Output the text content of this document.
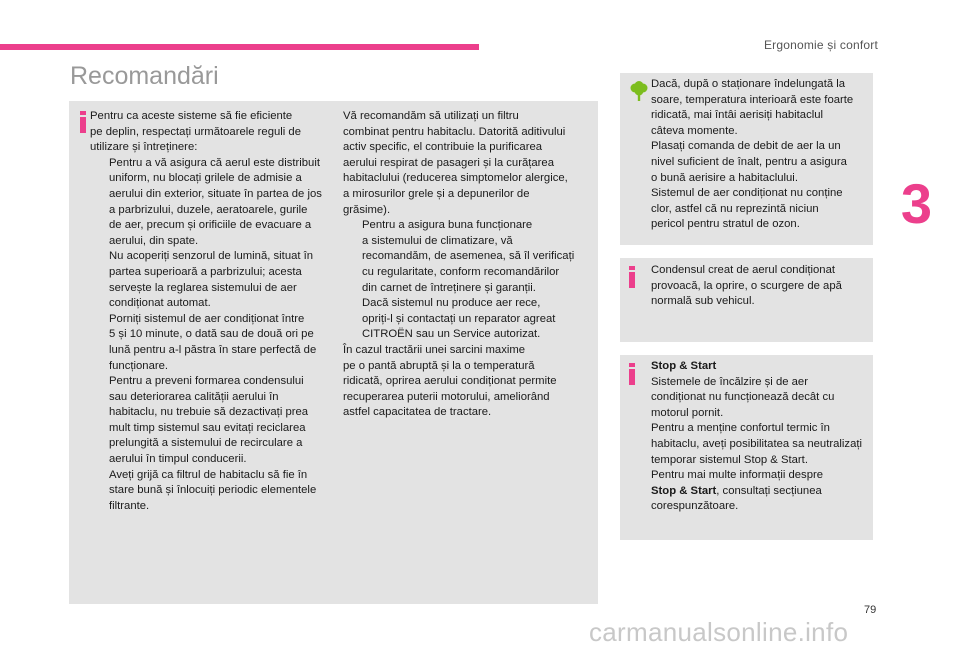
Ergonomie și confort
3
Recomandări

Pentru ca aceste sisteme să fie eficiente
pe deplin, respectați următoarele reguli de
utilizare și întreținere:

Pentru a vă asigura că aerul este distribuit
uniform, nu blocați grilele de admisie a
aerului din exterior, situate în partea de jos
a parbrizului, duzele, aeratoarele, gurile
de aer, precum și orificiile de evacuare a
aerului, din spate.
Nu acoperiți senzorul de lumină, situat în
partea superioară a parbrizului; acesta
servește la reglarea sistemului de aer
condiționat automat.
Porniți sistemul de aer condiționat între
5 și 10 minute, o dată sau de două ori pe
lună pentru a-l păstra în stare perfectă de
funcționare.
Pentru a preveni formarea condensului
sau deteriorarea calității aerului în
habitaclu, nu trebuie să dezactivați prea
mult timp sistemul sau evitați reciclarea
prelungită a sistemului de recirculare a
aerului în timpul conducerii.
Aveți grijă ca filtrul de habitaclu să fie în
stare bună și înlocuiți periodic elementele
filtrante.

Vă recomandăm să utilizați un filtru
combinat pentru habitaclu. Datorită aditivului
activ specific, el contribuie la purificarea
aerului respirat de pasageri și la curățarea
habitaclului (reducerea simptomelor alergice,
a mirosurilor grele și a depunerilor de
grăsime).

Pentru a asigura buna funcționare
a sistemului de climatizare, vă
recomandăm, de asemenea, să îl verificați
cu regularitate, conform recomandărilor
din carnet de întreținere și garanții.
Dacă sistemul nu produce aer rece,
opriți-l și contactați un reparator agreat
CITROËN sau un Service autorizat.

În cazul tractării unei sarcini maxime
pe o pantă abruptă și la o temperatură
ridicată, oprirea aerului condiționat permite
recuperarea puterii motorului, ameliorând
astfel capacitatea de tractare.

Dacă, după o staționare îndelungată la
soare, temperatura interioară este foarte
ridicată, mai întâi aerisiți habitaclul
câteva momente.
Plasați comanda de debit de aer la un
nivel suficient de înalt, pentru a asigura
o bună aerisire a habitaclului.
Sistemul de aer condiționat nu conține
clor, astfel că nu reprezintă niciun
pericol pentru stratul de ozon.
Condensul creat de aerul condiționat
provoacă, la oprire, o scurgere de apă
normală sub vehicul.
Stop & Start
Sistemele de încălzire și de aer
condiționat nu funcționează decât cu
motorul pornit.
Pentru a menține confortul termic în
habitaclu, aveți posibilitatea sa neutralizați
temporar sistemul Stop & Start.
Pentru mai multe informații despre
Stop & Start, consultați secțiunea
corespunzătoare.
79
carmanualsonline.info
